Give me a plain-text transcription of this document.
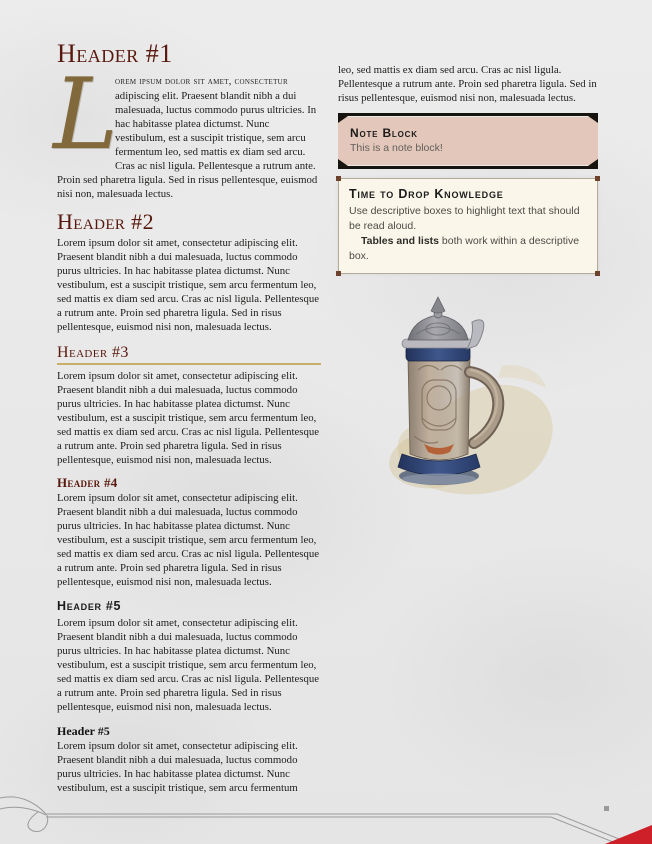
Header #1

L
orem ipsum dolor sit amet, consectetur adipiscing elit. Praesent blandit nibh a dui malesuada, luctus commodo purus ultricies. In hac habitasse platea dictumst. Nunc vestibulum, est a suscipit tristique, sem arcu fermentum leo, sed mattis ex diam sed arcu. Cras ac nisl ligula. Pellentesque a rutrum ante. Proin sed pharetra ligula. Sed in risus pellentesque, euismod nisi non, malesuada lectus.

Header #2

Lorem ipsum dolor sit amet, consectetur adipiscing elit. Praesent blandit nibh a dui malesuada, luctus commodo purus ultricies. In hac habitasse platea dictumst. Nunc vestibulum, est a suscipit tristique, sem arcu fermentum leo, sed mattis ex diam sed arcu. Cras ac nisl ligula. Pellentesque a rutrum ante. Proin sed pharetra ligula. Sed in risus pellentesque, euismod nisi non, malesuada lectus.

Header #3

Lorem ipsum dolor sit amet, consectetur adipiscing elit. Praesent blandit nibh a dui malesuada, luctus commodo purus ultricies. In hac habitasse platea dictumst. Nunc vestibulum, est a suscipit tristique, sem arcu fermentum leo, sed mattis ex diam sed arcu. Cras ac nisl ligula. Pellentesque a rutrum ante. Proin sed pharetra ligula. Sed in risus pellentesque, euismod nisi non, malesuada lectus.

Header #4

Lorem ipsum dolor sit amet, consectetur adipiscing elit. Praesent blandit nibh a dui malesuada, luctus commodo purus ultricies. In hac habitasse platea dictumst. Nunc vestibulum, est a suscipit tristique, sem arcu fermentum leo, sed mattis ex diam sed arcu. Cras ac nisl ligula. Pellentesque a rutrum ante. Proin sed pharetra ligula. Sed in risus pellentesque, euismod nisi non, malesuada lectus.

Header #5

Lorem ipsum dolor sit amet, consectetur adipiscing elit. Praesent blandit nibh a dui malesuada, luctus commodo purus ultricies. In hac habitasse platea dictumst. Nunc vestibulum, est a suscipit tristique, sem arcu fermentum leo, sed mattis ex diam sed arcu. Cras ac nisl ligula. Pellentesque a rutrum ante. Proin sed pharetra ligula. Sed in risus pellentesque, euismod nisi non, malesuada lectus.

Header #5

Lorem ipsum dolor sit amet, consectetur adipiscing elit. Praesent blandit nibh a dui malesuada, luctus commodo purus ultricies. In hac habitasse platea dictumst. Nunc vestibulum, est a suscipit tristique, sem arcu fermentum

leo, sed mattis ex diam sed arcu. Cras ac nisl ligula. Pellentesque a rutrum ante. Proin sed pharetra ligula. Sed in risus pellentesque, euismod nisi non, malesuada lectus.

Note Block

This is a note block!

Time to Drop Knowledge

Use descriptive boxes to highlight text that should be read aloud.

Tables and lists both work within a descriptive box.
